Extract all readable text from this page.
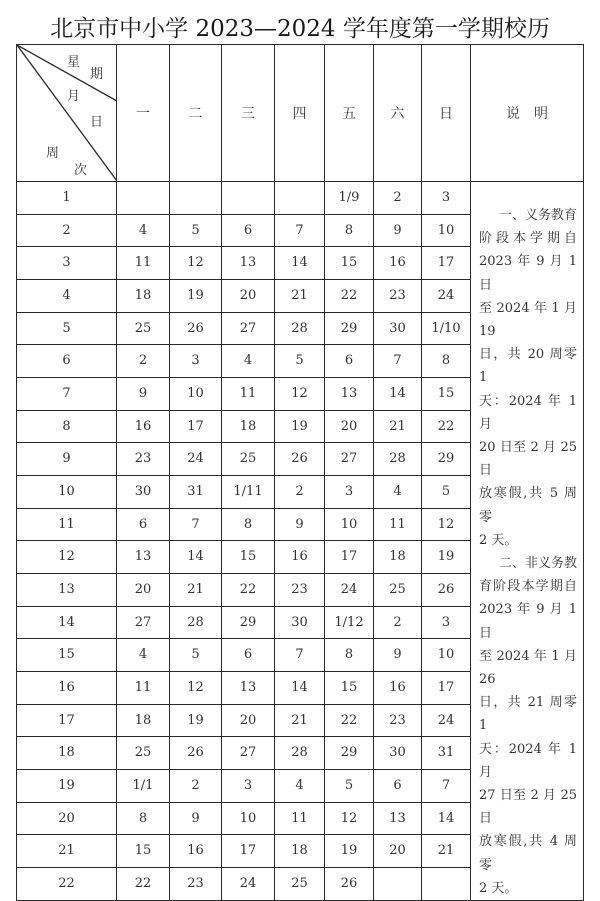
北京市中小学 2023—2024 学年度第一学期校历
星
期
月
日
周
次
	一	二	三	四	五	六	日	说　明
1					1/9	2	3	
一、义务教育
阶段本学期自
2023 年 9 月 1 日
至 2024 年 1 月 19
日，共 20 周零 1
天：2024 年 1 月
20 日至 2 月 25 日
放寒假,共 5 周零
2 天。
二、非义务教
育阶段本学期自
2023 年 9 月 1 日
至 2024 年 1 月 26
日，共 21 周零 1
天：2024 年 1 月
27 日至 2 月 25 日
放寒假,共 4 周零
2 天。

2	4	5	6	7	8	9	10	
3	11	12	13	14	15	16	17	
4	18	19	20	21	22	23	24	
5	25	26	27	28	29	30	1/10	
6	2	3	4	5	6	7	8	
7	9	10	11	12	13	14	15	
8	16	17	18	19	20	21	22	
9	23	24	25	26	27	28	29	
10	30	31	1/11	2	3	4	5	
11	6	7	8	9	10	11	12	
12	13	14	15	16	17	18	19	
13	20	21	22	23	24	25	26	
14	27	28	29	30	1/12	2	3	
15	4	5	6	7	8	9	10	
16	11	12	13	14	15	16	17	
17	18	19	20	21	22	23	24	
18	25	26	27	28	29	30	31	
19	1/1	2	3	4	5	6	7	
20	8	9	10	11	12	13	14	
21	15	16	17	18	19	20	21	
22	22	23	24	25	26			
